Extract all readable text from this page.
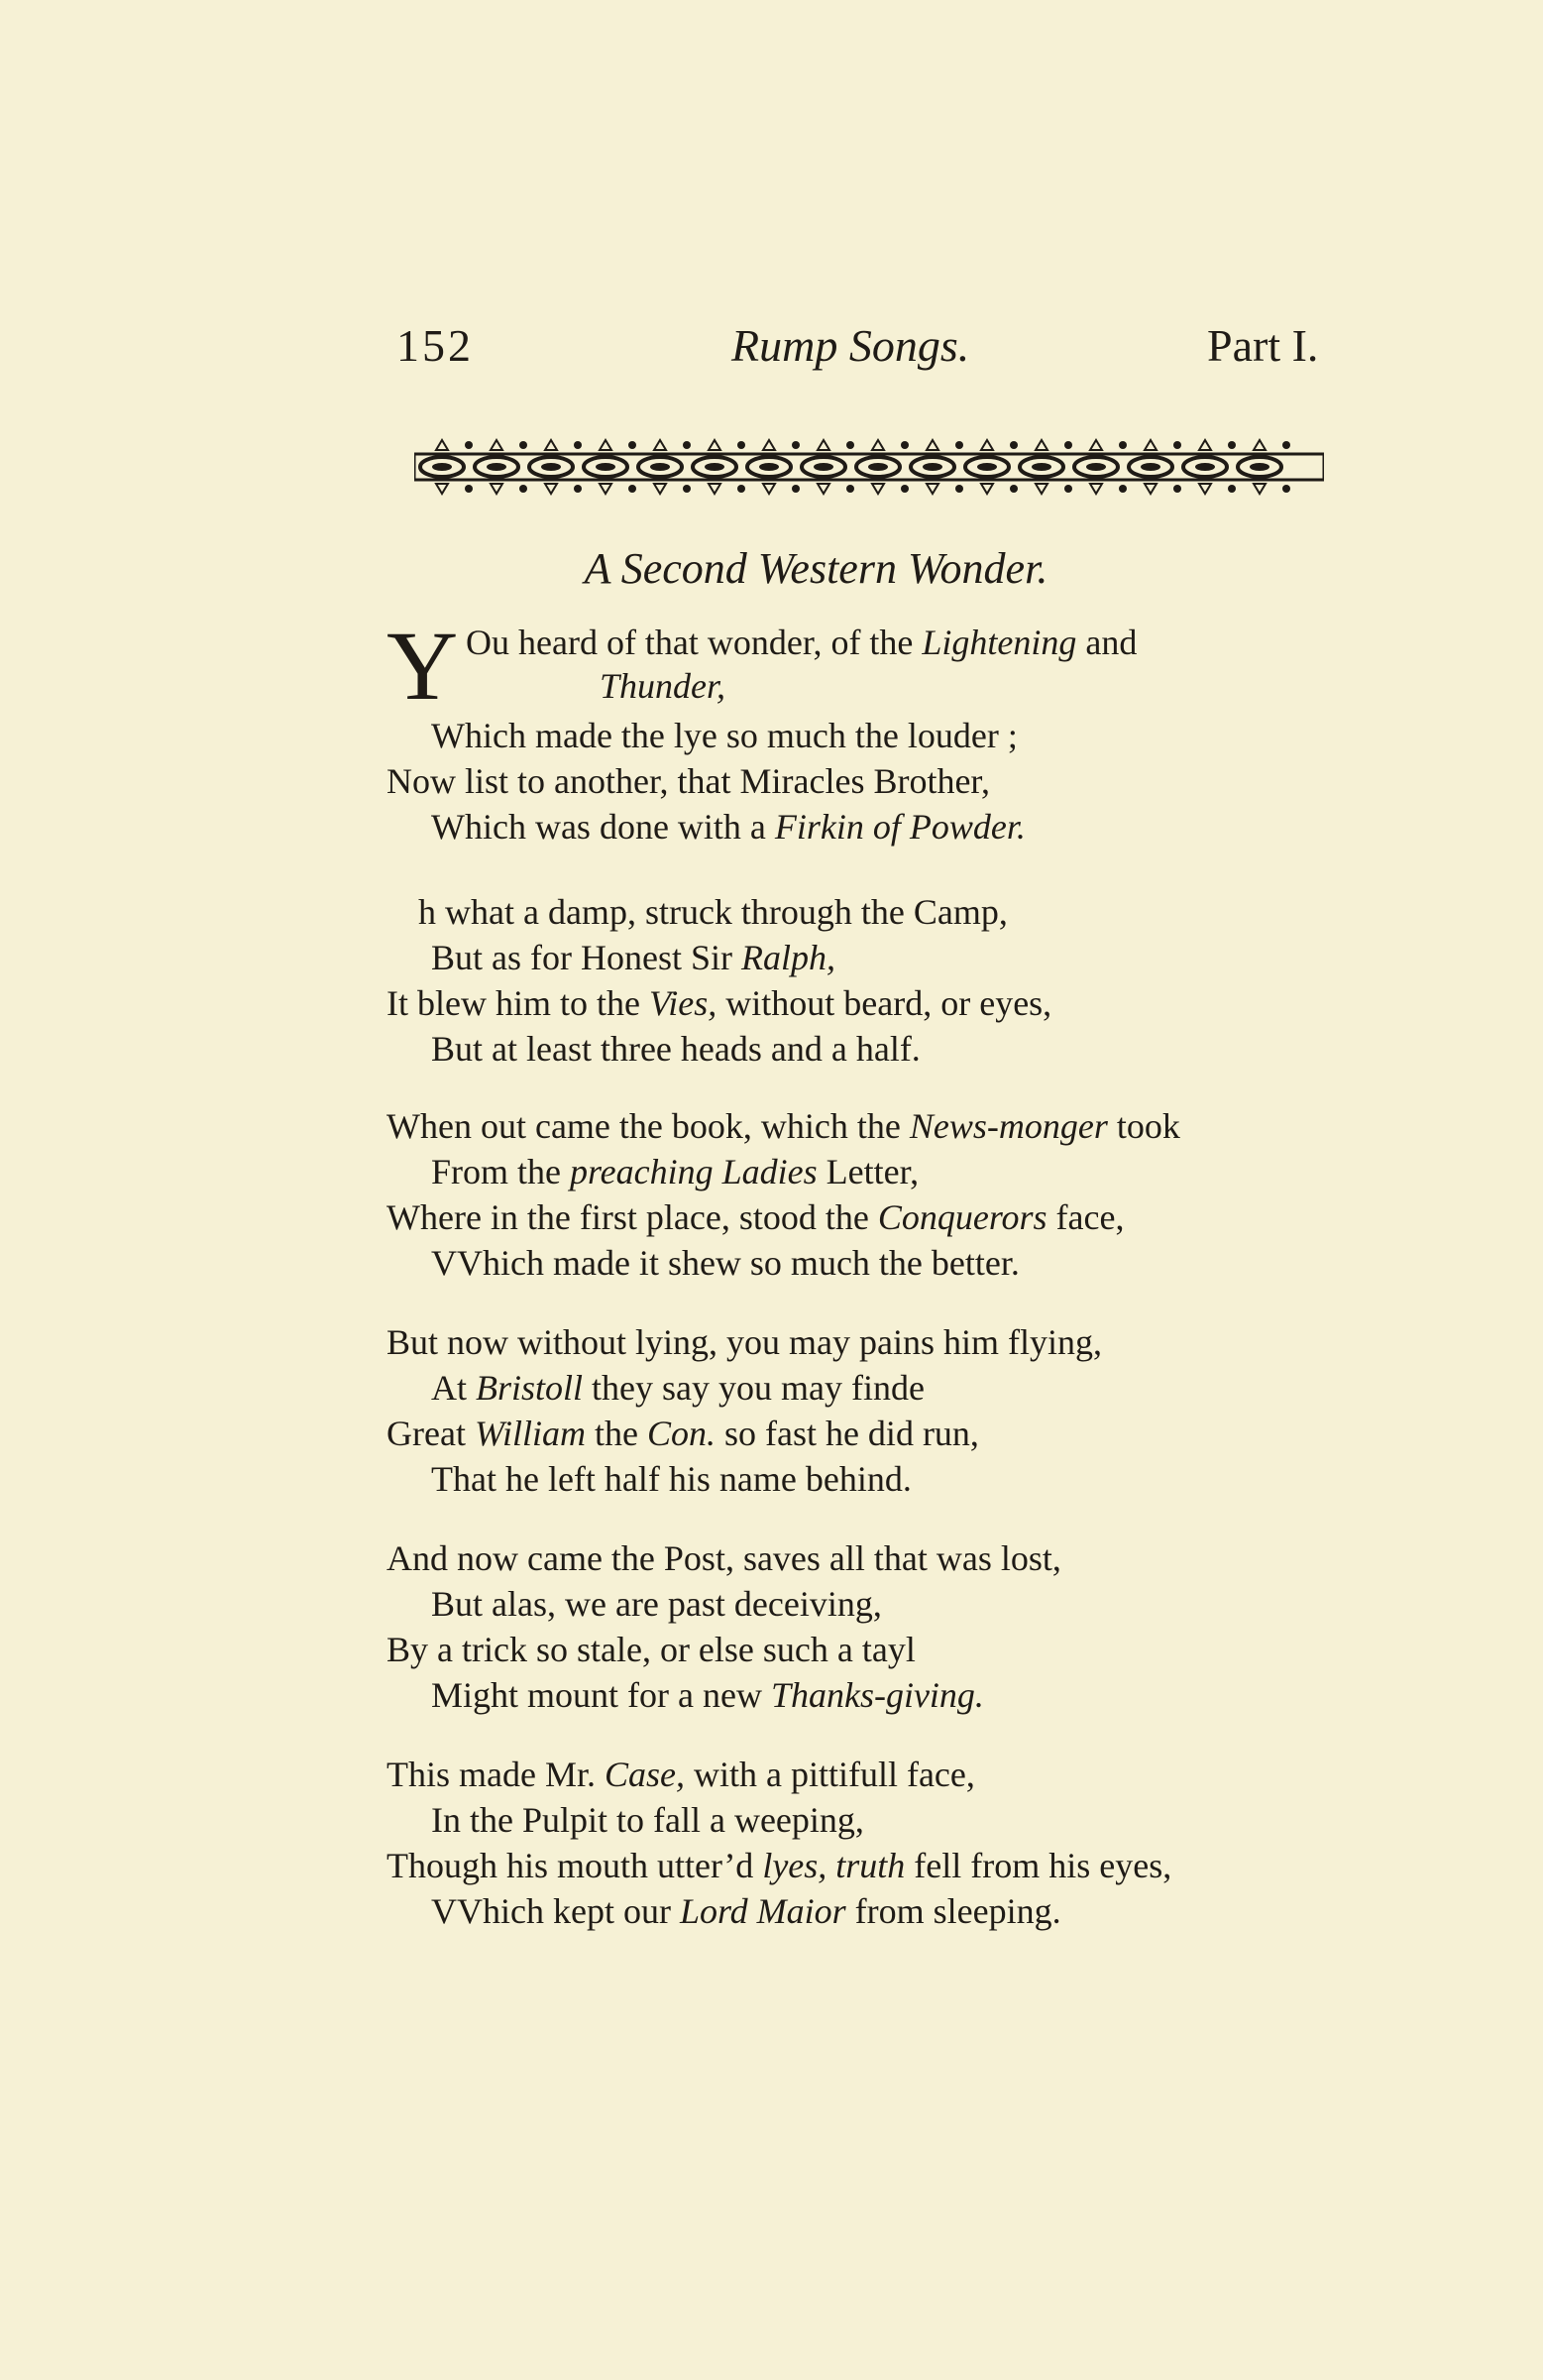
152	Rump Songs.	Part I.
A Second Western Wonder.
Y Ou heard of that wonder, of the Lightening and
Thunder,
Which made the lye so much the louder ;
Now list to another, that Miracles Brother,
Which was done with a Firkin of Powder.
h what a damp, struck through the Camp,
But as for Honest Sir Ralph,
It blew him to the Vies, without beard, or eyes,
But at least three heads and a half.
When out came the book, which the News-monger took
From the preaching Ladies Letter,
Where in the first place, stood the Conquerors face,
VVhich made it shew so much the better.
But now without lying, you may pains him flying,
At Bristoll they say you may finde
Great William the Con. so fast he did run,
That he left half his name behind.
And now came the Post, saves all that was lost,
But alas, we are past deceiving,
By a trick so stale, or else such a tayl
Might mount for a new Thanks-giving.
This made Mr. Case, with a pittifull face,
In the Pulpit to fall a weeping,
Though his mouth utter’d lyes, truth fell from his eyes,
VVhich kept our Lord Maior from sleeping.
